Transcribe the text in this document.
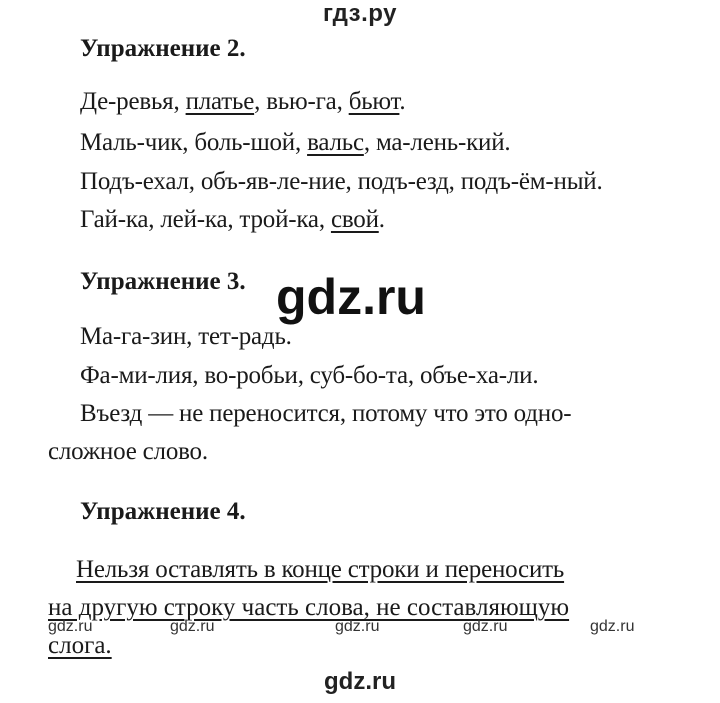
гдз.ру
Упражнение 2.
Де-ревья, платье, вью-га, бьют.
Маль-чик, боль-шой, вальс, ма-лень-кий.
Подъ-ехал, объ-яв-ле-ние, подъ-езд, подъ-ём-ный.
Гай-ка, лей-ка, трой-ка, свой.
Упражнение 3. gdz.ru
Ма-га-зин, тет-радь.
Фа-ми-лия, во-робьи, суб-бо-та, объе-ха-ли.
Въезд — не переносится, потому что это одно-
сложное слово.
Упражнение 4.
Нельзя оставлять в конце строки и переносить
на другую строку часть слова, не составляющую
слога.
gdz.ru	gdz.ru	gdz.ru	gdz.ru	gdz.ru
gdz.ru
